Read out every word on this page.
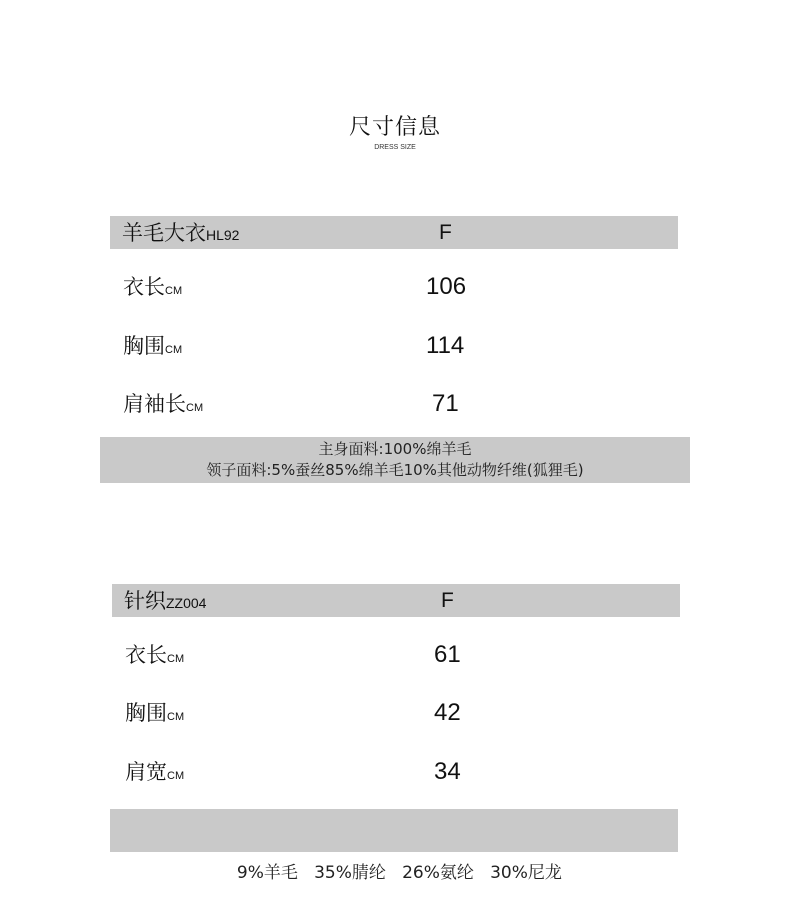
尺寸信息
DRESS SIZE
羊毛大衣HL92	F
衣长CM	106
胸围CM	114
肩袖长CM	71
主身面料:100%绵羊毛
领子面料:5%蚕丝85%绵羊毛10%其他动物纤维(狐狸毛)
针织ZZ004	F
衣长CM	61
胸围CM	42
肩宽CM	34

9%羊毛   35%腈纶   26%氨纶   30%尼龙
